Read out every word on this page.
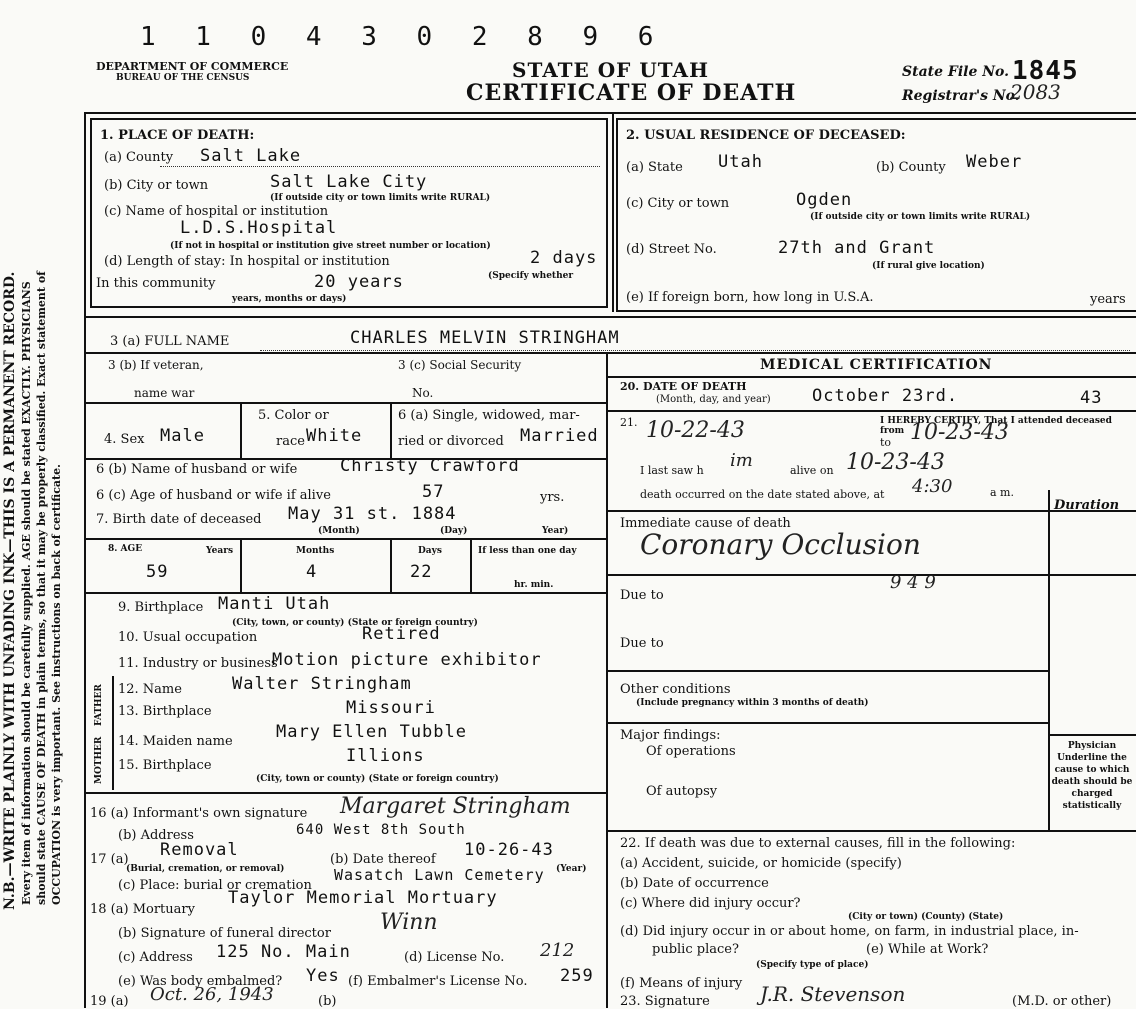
1 1 0 4 3 0 2 8 9 6
DEPARTMENT OF COMMERCE
BUREAU OF THE CENSUS	STATE OF UTAH
CERTIFICATE OF DEATH
State File No. 1845
Registrar's No.
2083
N.B.—WRITE PLAINLY WITH UNFADING INK—THIS IS A PERMANENT RECORD. Every item of information should be carefully supplied. AGE should be stated EXACTLY. PHYSICIANS should state CAUSE OF DEATH in plain terms, so that it may be properly classified. Exact statement of OCCUPATION is very important. See instructions on back of certificate.
1. PLACE OF DEATH:
(a) County Salt Lake
(b) City or town	Salt Lake City
(If outside city or town limits write RURAL)
(c) Name of hospital or institution
L.D.S.Hospital
(If not in hospital or institution give street number or location)
(d) Length of stay: In hospital or institution	2 days
(Specify whether
In this community	20 years
years, months or days)
2. USUAL RESIDENCE OF DECEASED:
(a) State Utah	(b) County Weber
(c) City or town	Ogden
(If outside city or town limits write RURAL)
(d) Street No.	27th and Grant
(If rural give location)
(e) If foreign born, how long in U.S.A.	years
3 (a) FULL NAME	CHARLES MELVIN STRINGHAM
MEDICAL CERTIFICATION
3 (b) If veteran,
name war
3 (c) Social Security
No.
4. Sex Male
5. Color or
race White
6 (a) Single, widowed, mar-
ried or divorced Married
6 (b) Name of husband or wife	Christy Crawford
6 (c) Age of husband or wife if alive	57	yrs.
7. Birth date of deceased May 31 st. 1884
(Month)	(Day)	Year)
8. AGE	Years	Months	Days	If less than one day
59	4	22
hr. min.
9. Birthplace Manti Utah
(City, town, or county) (State or foreign country)
10. Usual occupation	Retired
11. Industry or business
Motion picture exhibitor
FATHER
MOTHER
12. Name	Walter Stringham
13. Birthplace	Missouri
14. Maiden name	Mary Ellen Tubble
15. Birthplace	Illions
(City, town or county) (State or foreign country)
16 (a) Informant's own signature Margaret Stringham
(b) Address	640 West 8th South
17 (a) Removal
(Burial, cremation, or removal)
(b) Date thereof 10-26-43
(Year)
(c) Place: burial or cremation
Wasatch Lawn Cemetery
18 (a) Mortuary
Taylor Memorial Mortuary
(b) Signature of funeral director Winn
(c) Address 125 No. Main	(d) License No. 212
(e) Was body embalmed? Yes (f) Embalmer's License No. 259
19 (a) Oct. 26, 1943	(b)
20. DATE OF DEATH
(Month, day, and year) October 23rd.	43
21.	I HEREBY CERTIFY, That I attended deceased from
10-22-43	to 10-23-43
I last saw h im	alive on 10-23-43
death occurred on the date stated above, at 4:30	a m.
Duration
Immediate cause of death
Coronary Occlusion
Due to
9 4 9
Due to
Other conditions
(Include pregnancy within 3 months of death)
Major findings:
Of operations
Of autopsy
Physician Underline the cause to which death should be charged statistically
22. If death was due to external causes, fill in the following:
(a) Accident, suicide, or homicide (specify)
(b) Date of occurrence
(c) Where did injury occur?
(City or town) (County) (State)
(d) Did injury occur in or about home, on farm, in industrial place, in-
public place?	(e) While at Work?
(Specify type of place)
(f) Means of injury
23. Signature	J.R. Stevenson	(M.D. or other)
